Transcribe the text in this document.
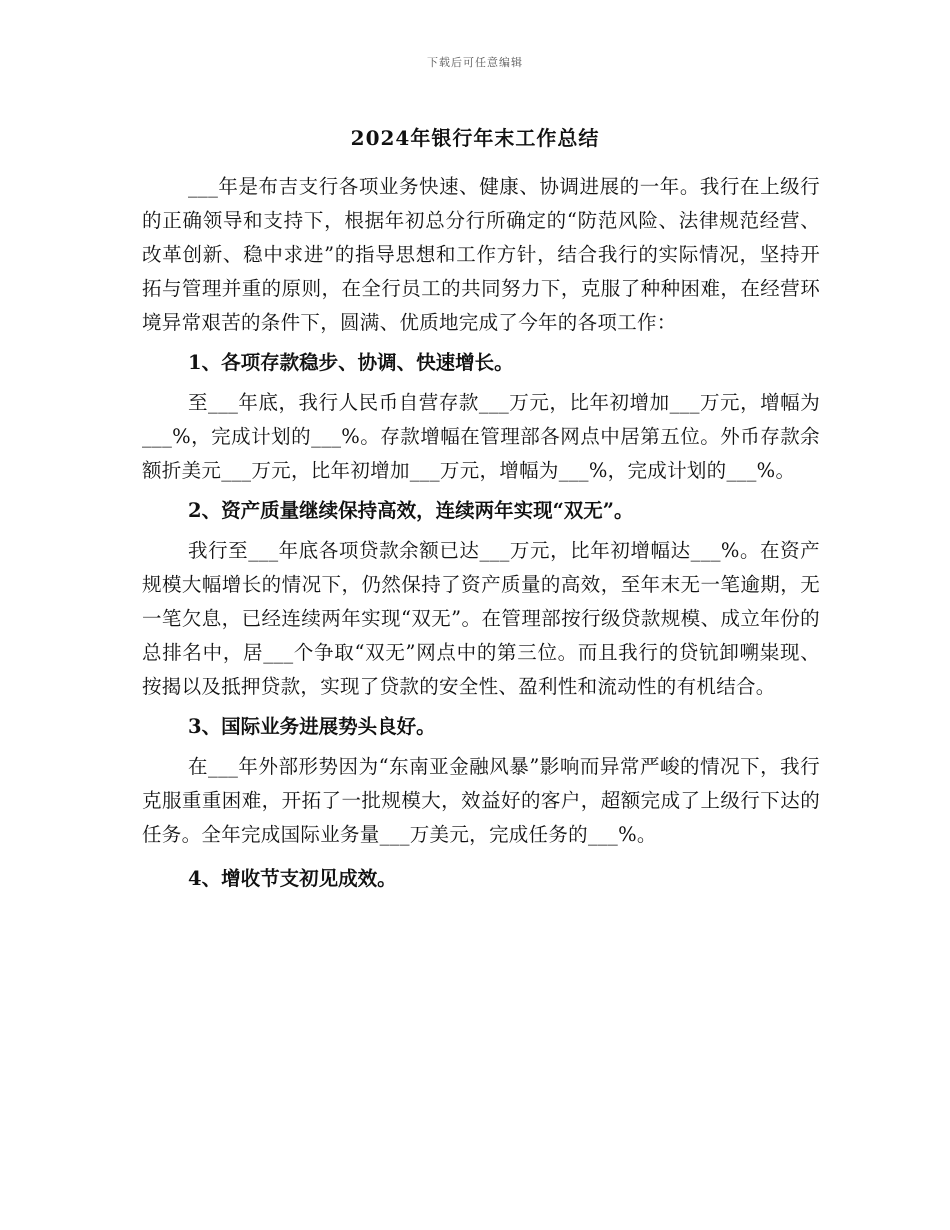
下载后可任意编辑
2024年银行年末工作总结

___年是布吉支行各项业务快速、健康、协调进展的一年。我行在上级行的正确领导和支持下，根据年初总分行所确定的“防范风险、法律规范经营、改革创新、稳中求进”的指导思想和工作方针，结合我行的实际情况，坚持开拓与管理并重的原则，在全行员工的共同努力下，克服了种种困难，在经营环境异常艰苦的条件下，圆满、优质地完成了今年的各项工作：

1、各项存款稳步、协调、快速增长。

至___年底，我行人民币自营存款___万元，比年初增加___万元，增幅为___%，完成计划的___%。存款增幅在管理部各网点中居第五位。外币存款余额折美元___万元，比年初增加___万元，增幅为___%，完成计划的___%。

2、资产质量继续保持高效，连续两年实现“双无”。

我行至___年底各项贷款余额已达___万元，比年初增幅达___%。在资产规模大幅增长的情况下，仍然保持了资产质量的高效，至年末无一笔逾期，无一笔欠息，已经连续两年实现“双无”。在管理部按行级贷款规模、成立年份的总排名中，居___个争取“双无”网点中的第三位。而且我行的贷钪卸嗍粜现、按揭以及抵押贷款，实现了贷款的安全性、盈利性和流动性的有机结合。

3、国际业务进展势头良好。

在___年外部形势因为“东南亚金融风暴”影响而异常严峻的情况下，我行克服重重困难，开拓了一批规模大，效益好的客户，超额完成了上级行下达的任务。全年完成国际业务量___万美元，完成任务的___%。

4、增收节支初见成效。
